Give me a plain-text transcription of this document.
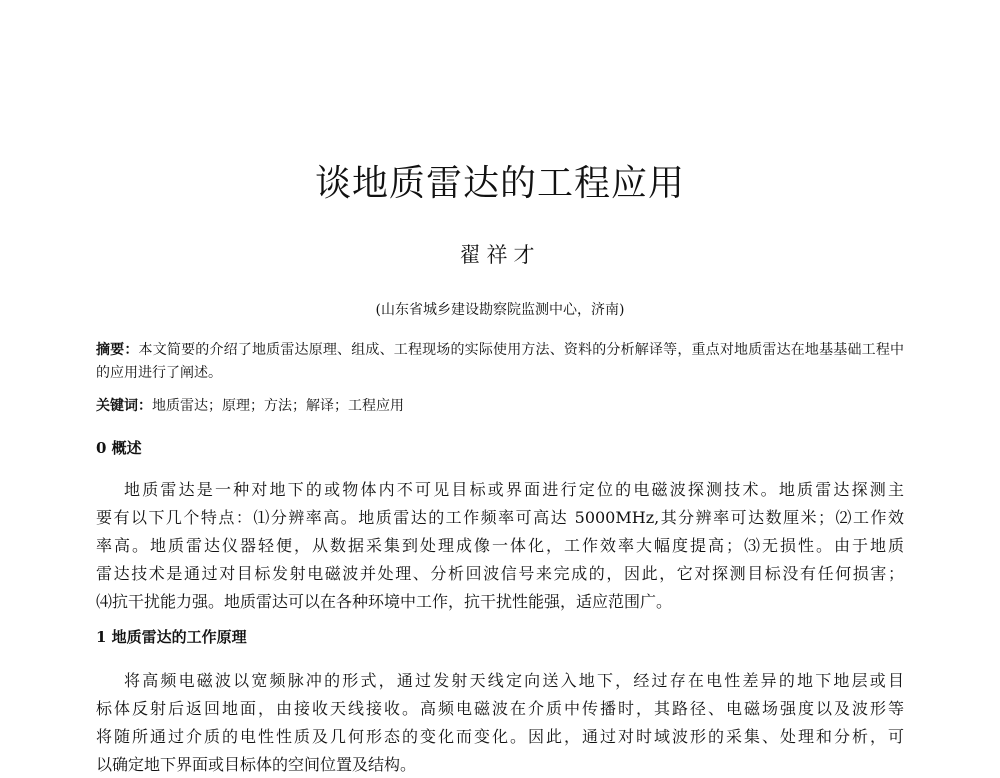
谈地质雷达的工程应用
翟祥才
(山东省城乡建设勘察院监测中心，济南)
摘要：本文简要的介绍了地质雷达原理、组成、工程现场的实际使用方法、资料的分析解译等，重点对地质雷达在地基基础工程中的应用进行了阐述。
关键词：地质雷达；原理；方法；解译；工程应用
0 概述
地质雷达是一种对地下的或物体内不可见目标或界面进行定位的电磁波探测技术。地质雷达探测主
要有以下几个特点：⑴分辨率高。地质雷达的工作频率可高达 5000MHz,其分辨率可达数厘米；⑵工作效
率高。地质雷达仪器轻便，从数据采集到处理成像一体化，工作效率大幅度提高；⑶无损性。由于地质
雷达技术是通过对目标发射电磁波并处理、分析回波信号来完成的，因此，它对探测目标没有任何损害；
⑷抗干扰能力强。地质雷达可以在各种环境中工作，抗干扰性能强，适应范围广。
1 地质雷达的工作原理
将高频电磁波以宽频脉冲的形式，通过发射天线定向送入地下，经过存在电性差异的地下地层或目
标体反射后返回地面，由接收天线接收。高频电磁波在介质中传播时，其路径、电磁场强度以及波形等
将随所通过介质的电性性质及几何形态的变化而变化。因此，通过对时域波形的采集、处理和分析，可
以确定地下界面或目标体的空间位置及结构。
